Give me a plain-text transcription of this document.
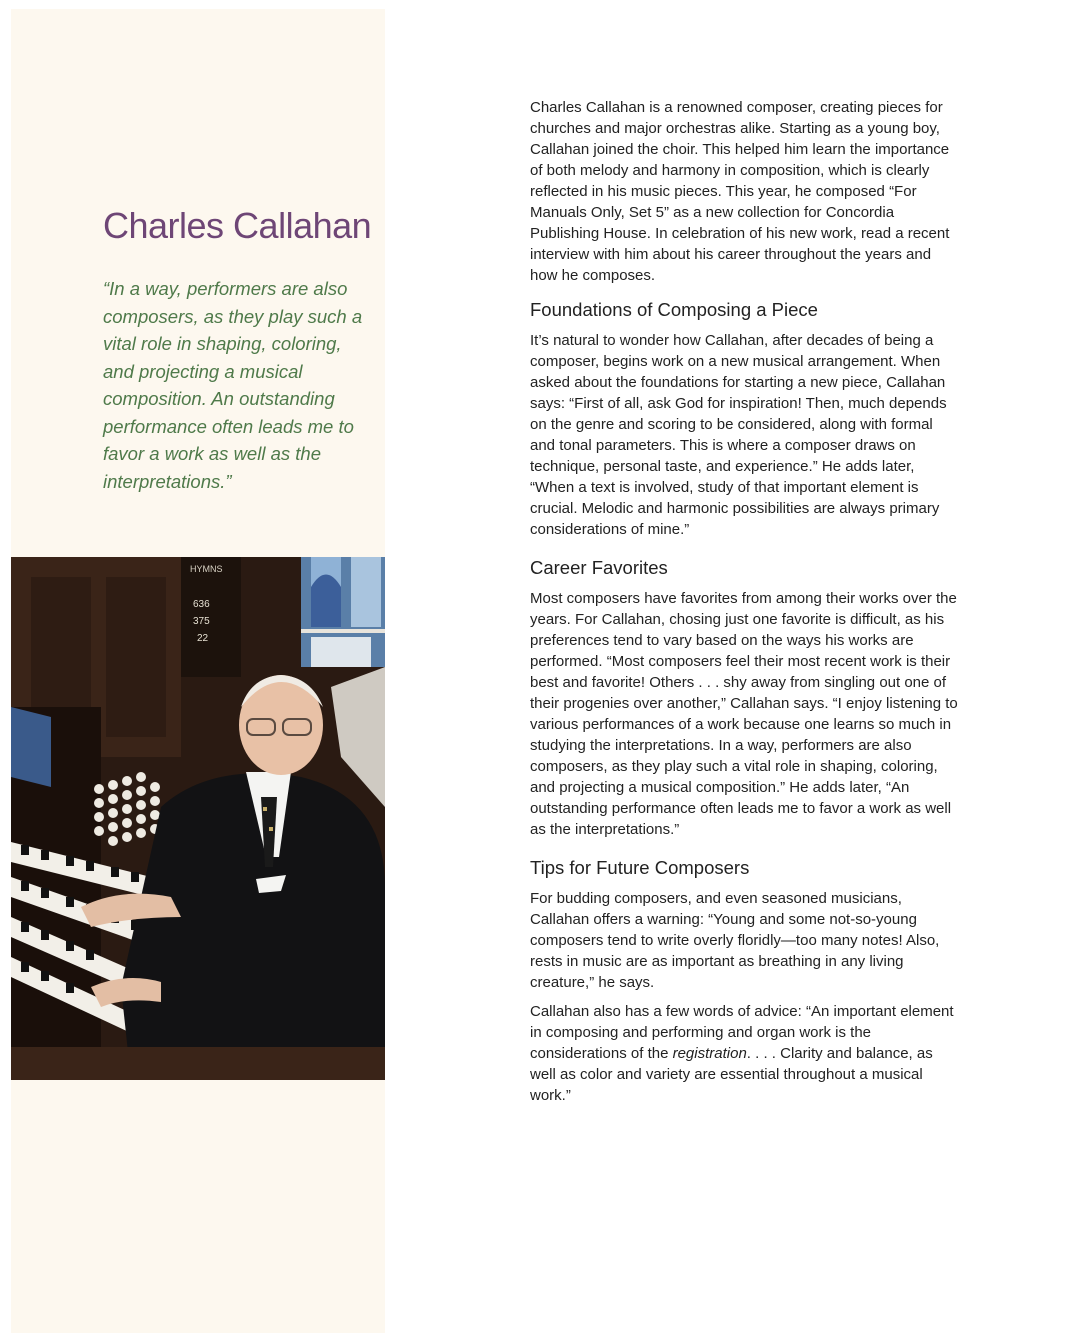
Charles Callahan

“In a way, performers are also composers, as they play such a vital role in shaping, coloring, and projecting a musical composition. An outstanding performance often leads me to favor a work as well as the interpretations.”

HYMNS
636
375
22

Charles Callahan is a renowned composer, creating pieces for churches and major orchestras alike. Starting as a young boy, Callahan joined the choir. This helped him learn the importance of both melody and harmony in composition, which is clearly reflected in his music pieces. This year, he composed “For Manuals Only, Set 5” as a new collection for Concordia Publishing House. In celebration of his new work, read a recent interview with him about his career throughout the years and how he composes.

Foundations of Composing a Piece

It’s natural to wonder how Callahan, after decades of being a composer, begins work on a new musical arrangement. When asked about the foundations for starting a new piece, Callahan says: “First of all, ask God for inspiration! Then, much depends on the genre and scoring to be considered, along with formal and tonal parameters. This is where a composer draws on technique, personal taste, and experience.” He adds later, “When a text is involved, study of that important element is crucial. Melodic and harmonic possibilities are always primary considerations of mine.”

Career Favorites

Most composers have favorites from among their works over the years. For Callahan, chosing just one favorite is difficult, as his preferences tend to vary based on the ways his works are performed. “Most composers feel their most recent work is their best and favorite! Others . . . shy away from singling out one of their progenies over another,” Callahan says. “I enjoy listening to various performances of a work because one learns so much in studying the interpretations. In a way, performers are also composers, as they play such a vital role in shaping, coloring, and projecting a musical composition.” He adds later, “An outstanding performance often leads me to favor a work as well as the interpretations.”

Tips for Future Composers

For budding composers, and even seasoned musicians, Callahan offers a warning: “Young and some not-so-young composers tend to write overly floridly—too many notes! Also, rests in music are as important as breathing in any living creature,” he says.

Callahan also has a few words of advice: “An important element in composing and performing and organ work is the considerations of the registration. . . . Clarity and balance, as well as color and variety are essential throughout a musical work.”
